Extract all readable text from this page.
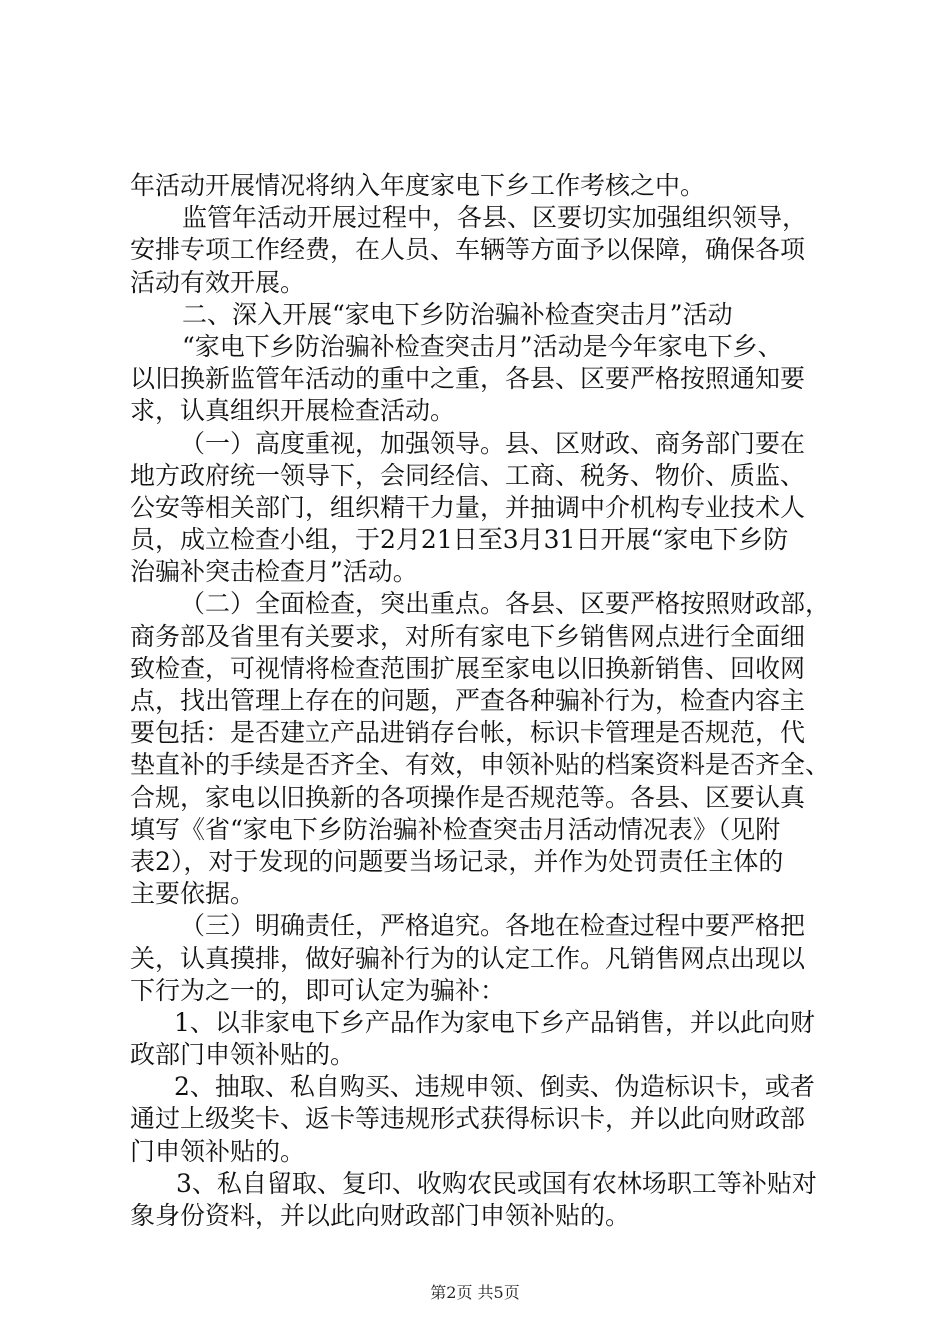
年活动开展情况将纳入年度家电下乡工作考核之中。
监管年活动开展过程中，各县、区要切实加强组织领导，
安排专项工作经费，在人员、车辆等方面予以保障，确保各项
活动有效开展。
二、深入开展“家电下乡防治骗补检查突击月”活动
“家电下乡防治骗补检查突击月”活动是今年家电下乡、
以旧换新监管年活动的重中之重，各县、区要严格按照通知要
求，认真组织开展检查活动。
（一）高度重视，加强领导。县、区财政、商务部门要在
地方政府统一领导下，会同经信、工商、税务、物价、质监、
公安等相关部门，组织精干力量，并抽调中介机构专业技术人
员，成立检查小组，于2月21日至3月31日开展“家电下乡防
治骗补突击检查月”活动。
（二）全面检查，突出重点。各县、区要严格按照财政部，
商务部及省里有关要求，对所有家电下乡销售网点进行全面细
致检查，可视情将检查范围扩展至家电以旧换新销售、回收网
点，找出管理上存在的问题，严查各种骗补行为，检查内容主
要包括：是否建立产品进销存台帐，标识卡管理是否规范，代
垫直补的手续是否齐全、有效，申领补贴的档案资料是否齐全、
合规，家电以旧换新的各项操作是否规范等。各县、区要认真
填写《省“家电下乡防治骗补检查突击月活动情况表》（见附
表2），对于发现的问题要当场记录，并作为处罚责任主体的
主要依据。
（三）明确责任，严格追究。各地在检查过程中要严格把
关，认真摸排，做好骗补行为的认定工作。凡销售网点出现以
下行为之一的，即可认定为骗补：
1、以非家电下乡产品作为家电下乡产品销售，并以此向财
政部门申领补贴的。
2、抽取、私自购买、违规申领、倒卖、伪造标识卡，或者
通过上级奖卡、返卡等违规形式获得标识卡，并以此向财政部
门申领补贴的。
3、私自留取、复印、收购农民或国有农林场职工等补贴对
象身份资料，并以此向财政部门申领补贴的。
第2页 共5页
